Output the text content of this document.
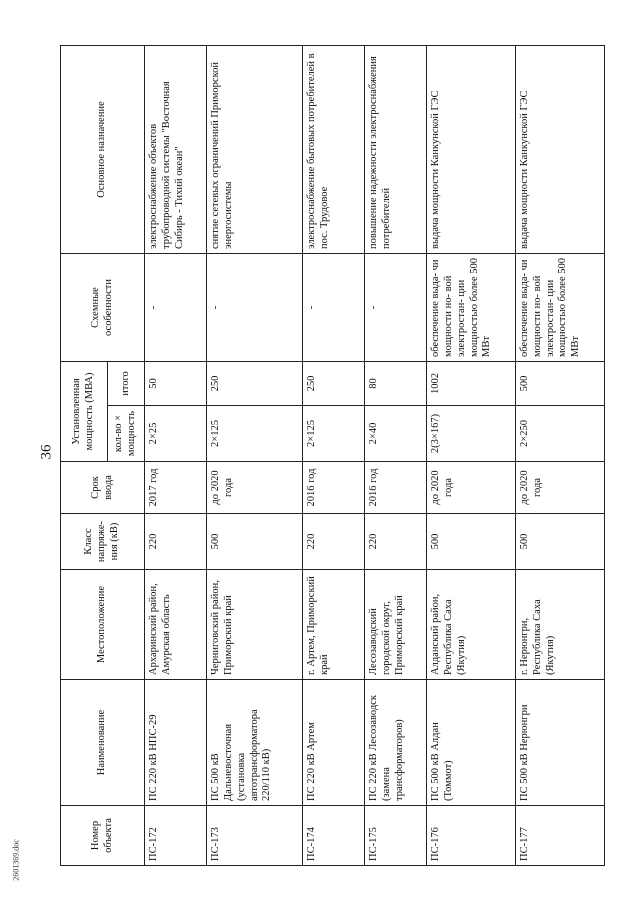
36
Номер объекта	Наименование	Местоположение	Класс напряже- ния (кВ)	Срок ввода	Установленная мощность (МВА)		Схемные особенности	Основное назначение
					кол-во × мощность	итого		
ПС-172	ПС 220 кВ НПС-29	Архаринский район, Амурская область	220	2017 год	2×25	50	-	электроснабжение объектов трубопроводной системы "Восточная Сибирь - Тихий океан"
ПС-173	ПС 500 кВ Дальневосточная (установка автотрансформатора 220/110 кВ)	Черниговский район, Приморский край	500	до 2020 года	2×125	250	-	снятие сетевых ограничений Приморской энергосистемы
ПС-174	ПС 220 кВ Артем	г. Артем, Приморский край	220	2016 год	2×125	250	-	электроснабжение бытовых потребителей в пос. Трудовое
ПС-175	ПС 220 кВ Лесозаводск (замена трансформаторов)	Лесозаводский городской округ, Приморский край	220	2016 год	2×40	80	-	повышение надежности электроснабжения потребителей
ПС-176	ПС 500 кВ Алдан (Томмот)	Алданский район, Республика Саха (Якутия)	500	до 2020 года	2(3×167)	1002	обеспечение выда- чи мощности но- вой электростан- ции мощностью более 500 МВт	выдача мощности Канкунской ГЭС
ПС-177	ПС 500 кВ Нерюнгри	г. Нерюнгри, Республика Саха (Якутия)	500	до 2020 года	2×250	500	обеспечение выда- чи мощности но- вой электростан- ции мощностью более 500 МВт	выдача мощности Канкунской ГЭС
2601369.doc
